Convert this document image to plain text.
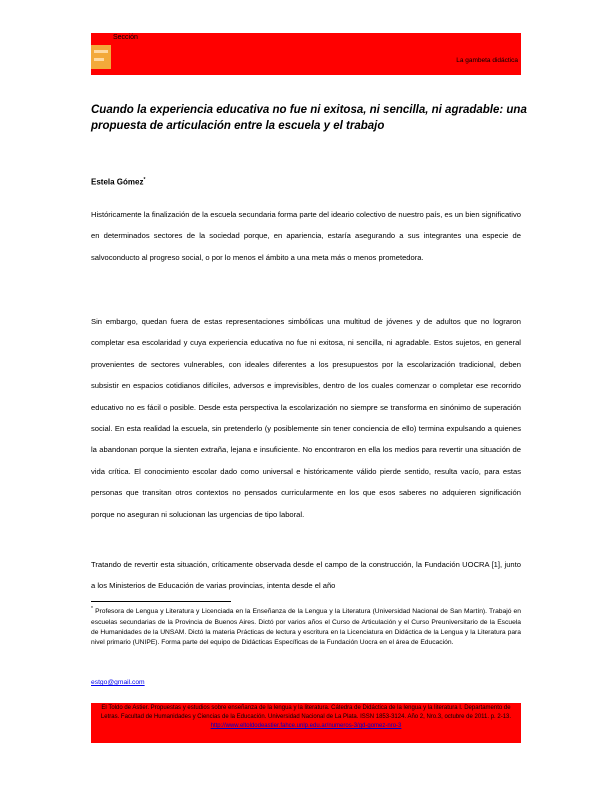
Sección
La gambeta didáctica
Cuando la experiencia educativa no fue ni exitosa, ni sencilla, ni agradable: una propuesta de articulación entre la escuela y el trabajo
Estela Gómez*
Históricamente la finalización de la escuela secundaria forma parte del ideario colectivo de nuestro país, es un bien significativo en determinados sectores de la sociedad porque, en apariencia, estaría asegurando a sus integrantes una especie de salvoconducto al progreso social, o por lo menos el ámbito a una meta más o menos prometedora.
Sin embargo, quedan fuera de estas representaciones simbólicas una multitud de jóvenes y de adultos que no lograron completar esa escolaridad y cuya experiencia educativa no fue ni exitosa, ni sencilla, ni agradable. Estos sujetos, en general provenientes de sectores vulnerables, con ideales diferentes a los presupuestos por la escolarización tradicional, deben subsistir en espacios cotidianos difíciles, adversos e imprevisibles, dentro de los cuales comenzar o completar ese recorrido educativo no es fácil o posible. Desde esta perspectiva la escolarización no siempre se transforma en sinónimo de superación social. En esta realidad la escuela, sin pretenderlo (y posiblemente sin tener conciencia de ello) termina expulsando a quienes la abandonan porque la sienten extraña, lejana e insuficiente. No encontraron en ella los medios para revertir una situación de vida crítica. El conocimiento escolar dado como universal e históricamente válido pierde sentido, resulta vacío, para estas personas que transitan otros contextos no pensados curricularmente en los que esos saberes no adquieren significación porque no aseguran ni solucionan las urgencias de tipo laboral.
Tratando de revertir esta situación, críticamente observada desde el campo de la construcción, la Fundación UOCRA [1], junto a los Ministerios de Educación de varias provincias, intenta desde el año
* Profesora de Lengua y Literatura y Licenciada en la Enseñanza de la Lengua y la Literatura (Universidad Nacional de San Martín). Trabajó en escuelas secundarias de la Provincia de Buenos Aires. Dictó por varios años el Curso de Articulación y el Curso Preuniversitario de la Escuela de Humanidades de la UNSAM. Dictó la materia Prácticas de lectura y escritura en la Licenciatura en Didáctica de la Lengua y la Literatura para nivel primario (UNIPE). Forma parte del equipo de Didácticas Específicas de la Fundación Uocra en el área de Educación.
estgo@gmail.com
El Toldo de Astier. Propuestas y estudios sobre enseñanza de la lengua y la literatura. Cátedra de Didáctica de la lengua y la literatura I. Departamento de Letras. Facultad de Humanidades y Ciencias de la Educación. Universidad Nacional de La Plata. ISSN 1853-3124. Año 2, Nro.3, octubre de 2011. p. 2-13.
http://www.eltoldodeastier.fahce.unlp.edu.ar/numeros-3/gd-gomez-nro-3
